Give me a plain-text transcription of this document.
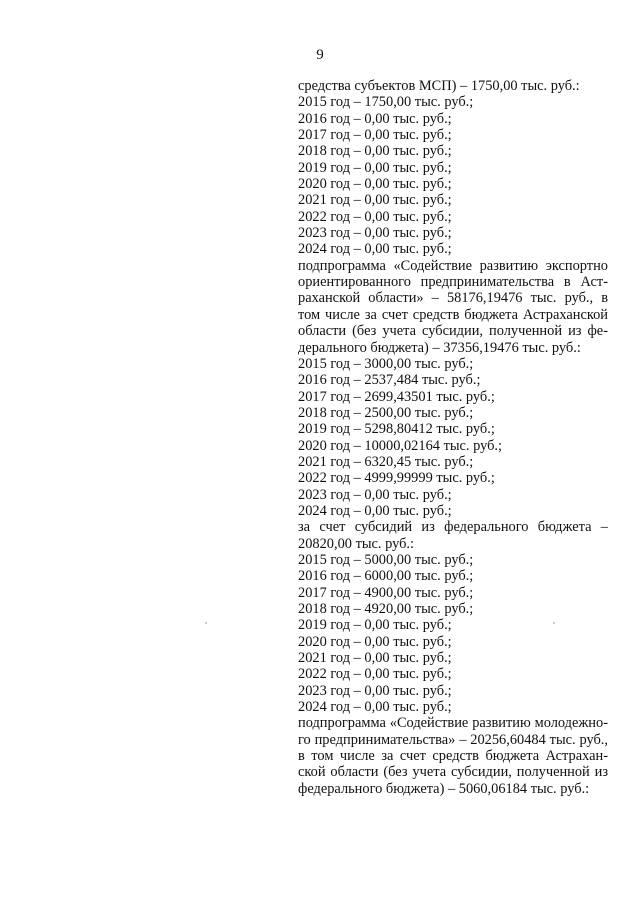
9
средства субъектов МСП) – 1750,00 тыс. руб.:
2015 год – 1750,00 тыс. руб.;
2016 год – 0,00 тыс. руб.;
2017 год – 0,00 тыс. руб.;
2018 год – 0,00 тыс. руб.;
2019 год – 0,00 тыс. руб.;
2020 год – 0,00 тыс. руб.;
2021 год – 0,00 тыс. руб.;
2022 год – 0,00 тыс. руб.;
2023 год – 0,00 тыс. руб.;
2024 год – 0,00 тыс. руб.;
подпрограмма «Содействие развитию экспортно
ориентированного предпринимательства в Аст-
раханской области» – 58176,19476 тыс. руб., в
том числе за счет средств бюджета Астраханской
области (без учета субсидии, полученной из фе-
дерального бюджета) – 37356,19476 тыс. руб.:
2015 год – 3000,00 тыс. руб.;
2016 год – 2537,484 тыс. руб.;
2017 год – 2699,43501 тыс. руб.;
2018 год – 2500,00 тыс. руб.;
2019 год – 5298,80412 тыс. руб.;
2020 год – 10000,02164 тыс. руб.;
2021 год – 6320,45 тыс. руб.;
2022 год – 4999,99999 тыс. руб.;
2023 год – 0,00 тыс. руб.;
2024 год – 0,00 тыс. руб.;
за счет субсидий из федерального бюджета –
20820,00 тыс. руб.:
2015 год – 5000,00 тыс. руб.;
2016 год – 6000,00 тыс. руб.;
2017 год – 4900,00 тыс. руб.;
2018 год – 4920,00 тыс. руб.;
2019 год – 0,00 тыс. руб.;
2020 год – 0,00 тыс. руб.;
2021 год – 0,00 тыс. руб.;
2022 год – 0,00 тыс. руб.;
2023 год – 0,00 тыс. руб.;
2024 год – 0,00 тыс. руб.;
подпрограмма «Содействие развитию молодежно-
го предпринимательства» – 20256,60484 тыс. руб.,
в том числе за счет средств бюджета Астрахан-
ской области (без учета субсидии, полученной из
федерального бюджета) – 5060,06184 тыс. руб.:
